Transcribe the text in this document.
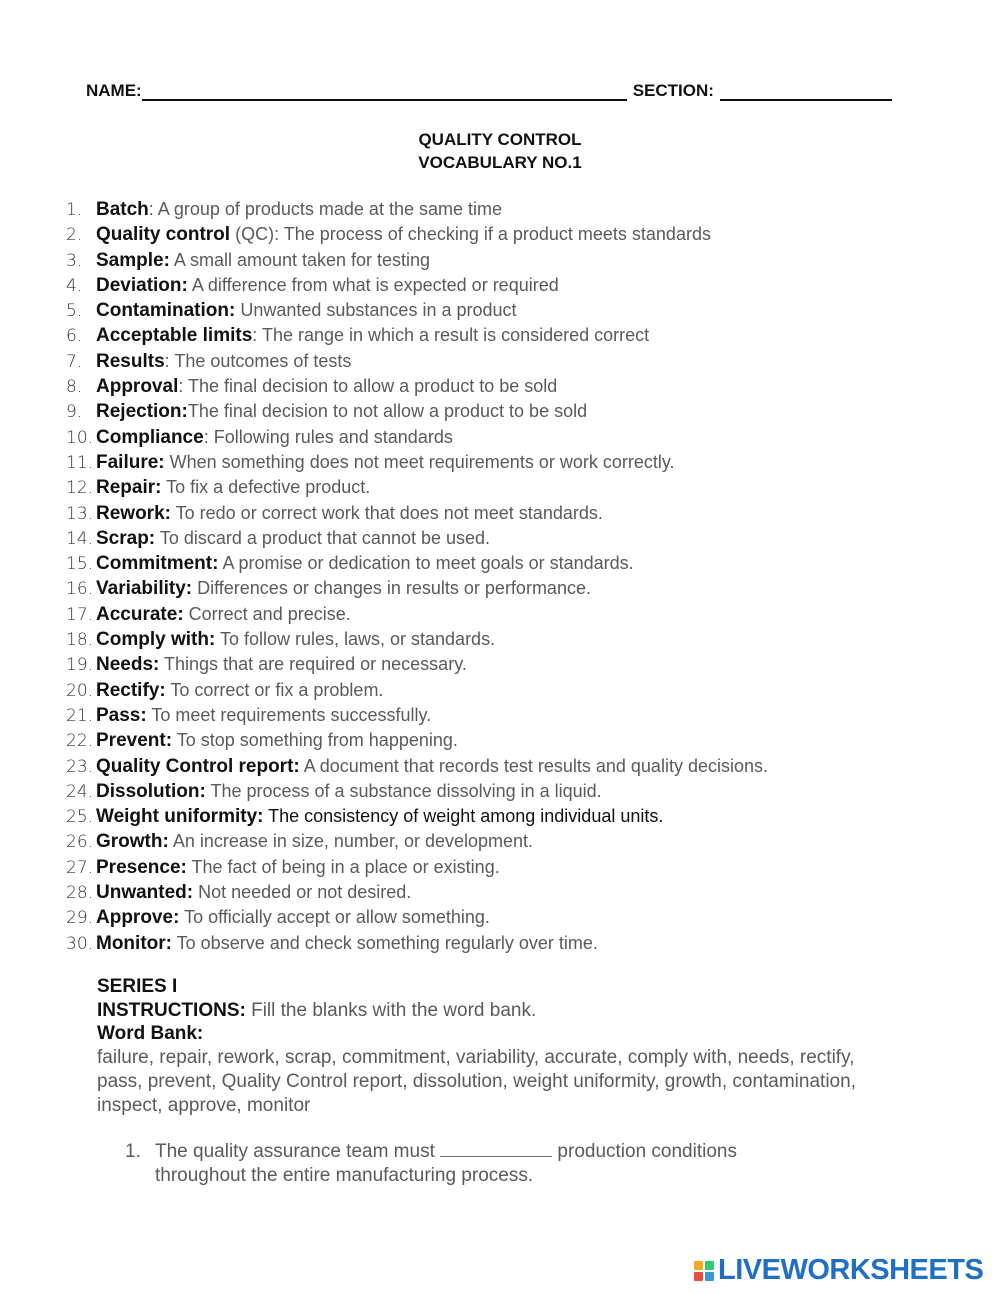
NAME:	SECTION:
QUALITY CONTROL
VOCABULARY NO.1
1. Batch: A group of products made at the same time
2. Quality control (QC): The process of checking if a product meets standards
3. Sample: A small amount taken for testing
4. Deviation: A difference from what is expected or required
5. Contamination: Unwanted substances in a product
6. Acceptable limits: The range in which a result is considered correct
7. Results: The outcomes of tests
8. Approval: The final decision to allow a product to be sold
9. Rejection:The final decision to not allow a product to be sold
10. Compliance: Following rules and standards
11. Failure: When something does not meet requirements or work correctly.
12. Repair: To fix a defective product.
13. Rework: To redo or correct work that does not meet standards.
14. Scrap: To discard a product that cannot be used.
15. Commitment: A promise or dedication to meet goals or standards.
16. Variability: Differences or changes in results or performance.
17. Accurate: Correct and precise.
18. Comply with: To follow rules, laws, or standards.
19. Needs: Things that are required or necessary.
20. Rectify: To correct or fix a problem.
21. Pass: To meet requirements successfully.
22. Prevent: To stop something from happening.
23. Quality Control report: A document that records test results and quality decisions.
24. Dissolution: The process of a substance dissolving in a liquid.
25. Weight uniformity: The consistency of weight among individual units.
26. Growth: An increase in size, number, or development.
27. Presence: The fact of being in a place or existing.
28. Unwanted: Not needed or not desired.
29. Approve: To officially accept or allow something.
30. Monitor: To observe and check something regularly over time.
SERIES I
INSTRUCTIONS: Fill the blanks with the word bank.
Word Bank:
failure, repair, rework, scrap, commitment, variability, accurate, comply with, needs, rectify, pass, prevent, Quality Control report, dissolution, weight uniformity, growth, contamination, inspect, approve, monitor
1. The quality assurance team must	production conditions throughout the entire manufacturing process.
LIVEWORKSHEETS
